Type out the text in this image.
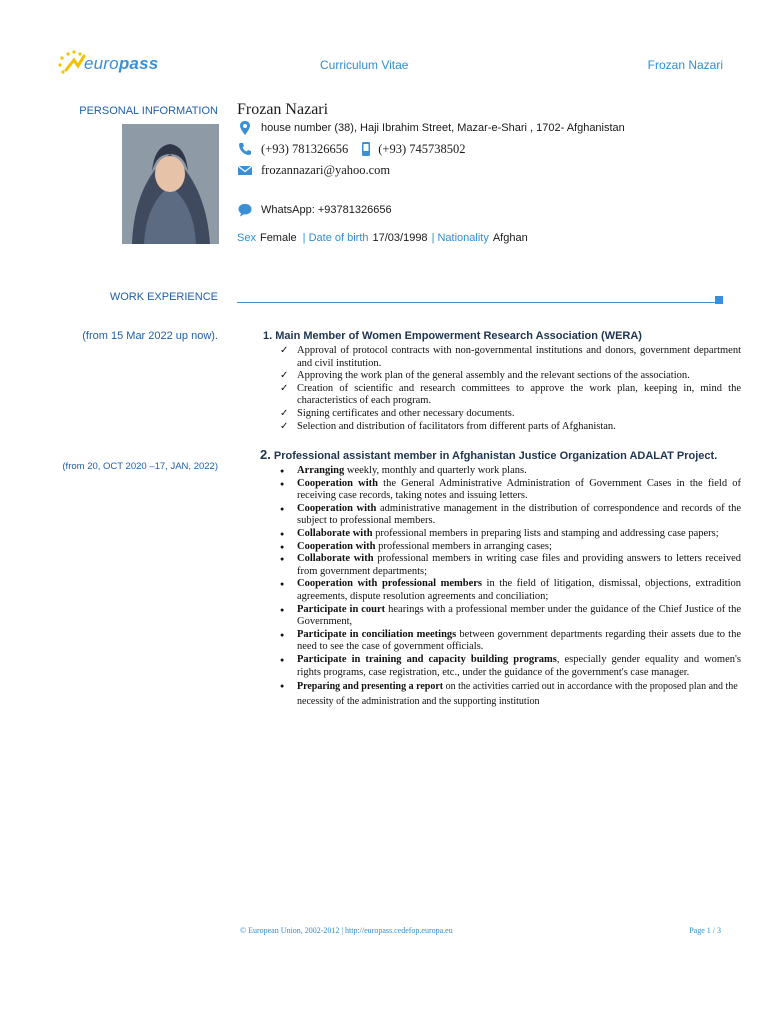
europass	Curriculum Vitae	Frozan Nazari
PERSONAL INFORMATION Frozan Nazari
house number (38), Haji Ibrahim Street, Mazar-e-Shari , 1702- Afghanistan
(+93) 781326656 (+93) 745738502
frozannazari@yahoo.com
WhatsApp: +93781326656
Sex Female | Date of birth 17/03/1998 | Nationality Afghan
WORK EXPERIENCE
(from 15 Mar 2022 up now).	1. Main Member of Women Empowerment Research Association (WERA)
✓ Approval of protocol contracts with non-governmental institutions and donors, government department and civil institution.
✓ Approving the work plan of the general assembly and the relevant sections of the association.
✓ Creation of scientific and research committees to approve the work plan, keeping in, mind the characteristics of each program.
✓ Signing certificates and other necessary documents.
✓ Selection and distribution of facilitators from different parts of Afghanistan.
(from 20, OCT 2020 –17, JAN, 2022)
2. Professional assistant member in Afghanistan Justice Organization ADALAT Project.
● Arranging weekly, monthly and quarterly work plans.
● Cooperation with the General Administrative Administration of Government Cases in the field of receiving case records, taking notes and issuing letters.
● Cooperation with administrative management in the distribution of correspondence and records of the subject to professional members.
● Collaborate with professional members in preparing lists and stamping and addressing case papers;
● Cooperation with professional members in arranging cases;
● Collaborate with professional members in writing case files and providing answers to letters received from government departments;
● Cooperation with professional members in the field of litigation, dismissal, objections, extradition agreements, dispute resolution agreements and conciliation;
● Participate in court hearings with a professional member under the guidance of the Chief Justice of the Government,
● Participate in conciliation meetings between government departments regarding their assets due to the need to see the case of government officials.
● Participate in training and capacity building programs, especially gender equality and women's rights programs, case registration, etc., under the guidance of the government's case manager.
● Preparing and presenting a report on the activities carried out in accordance with the proposed plan and the necessity of the administration and the supporting institution
© European Union, 2002-2012 | http://europass.cedefop.europa.eu	Page 1 / 3
